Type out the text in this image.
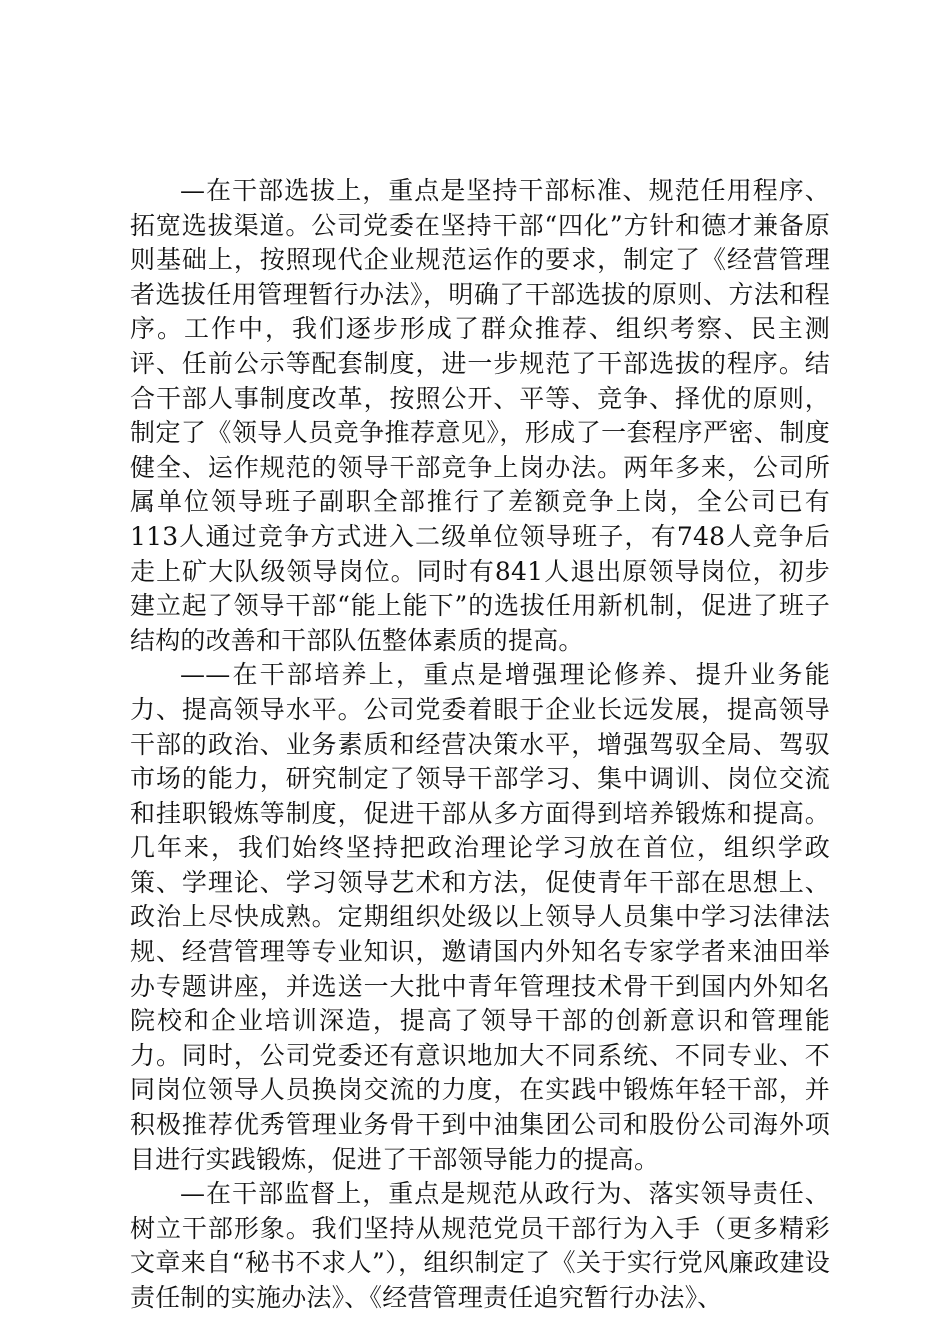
—在干部选拔上，重点是坚持干部标准、规范任用程序、拓宽选拔渠道。公司党委在坚持干部“四化”方针和德才兼备原则基础上，按照现代企业规范运作的要求，制定了《经营管理者选拔任用管理暂行办法》，明确了干部选拔的原则、方法和程序。工作中，我们逐步形成了群众推荐、组织考察、民主测评、任前公示等配套制度，进一步规范了干部选拔的程序。结合干部人事制度改革，按照公开、平等、竞争、择优的原则，制定了《领导人员竞争推荐意见》，形成了一套程序严密、制度健全、运作规范的领导干部竞争上岗办法。两年多来，公司所属单位领导班子副职全部推行了差额竞争上岗，全公司已有113人通过竞争方式进入二级单位领导班子，有748人竞争后走上矿大队级领导岗位。同时有841人退出原领导岗位，初步建立起了领导干部“能上能下”的选拔任用新机制，促进了班子结构的改善和干部队伍整体素质的提高。

——在干部培养上，重点是增强理论修养、提升业务能力、提高领导水平。公司党委着眼于企业长远发展，提高领导干部的政治、业务素质和经营决策水平，增强驾驭全局、驾驭市场的能力，研究制定了领导干部学习、集中调训、岗位交流和挂职锻炼等制度，促进干部从多方面得到培养锻炼和提高。几年来，我们始终坚持把政治理论学习放在首位，组织学政策、学理论、学习领导艺术和方法，促使青年干部在思想上、政治上尽快成熟。定期组织处级以上领导人员集中学习法律法规、经营管理等专业知识，邀请国内外知名专家学者来油田举办专题讲座，并选送一大批中青年管理技术骨干到国内外知名院校和企业培训深造，提高了领导干部的创新意识和管理能力。同时，公司党委还有意识地加大不同系统、不同专业、不同岗位领导人员换岗交流的力度，在实践中锻炼年轻干部，并积极推荐优秀管理业务骨干到中油集团公司和股份公司海外项目进行实践锻炼，促进了干部领导能力的提高。

—在干部监督上，重点是规范从政行为、落实领导责任、树立干部形象。我们坚持从规范党员干部行为入手（更多精彩文章来自“秘书不求人”），组织制定了《关于实行党风廉政建设责任制的实施办法》、《经营管理责任追究暂行办法》、
